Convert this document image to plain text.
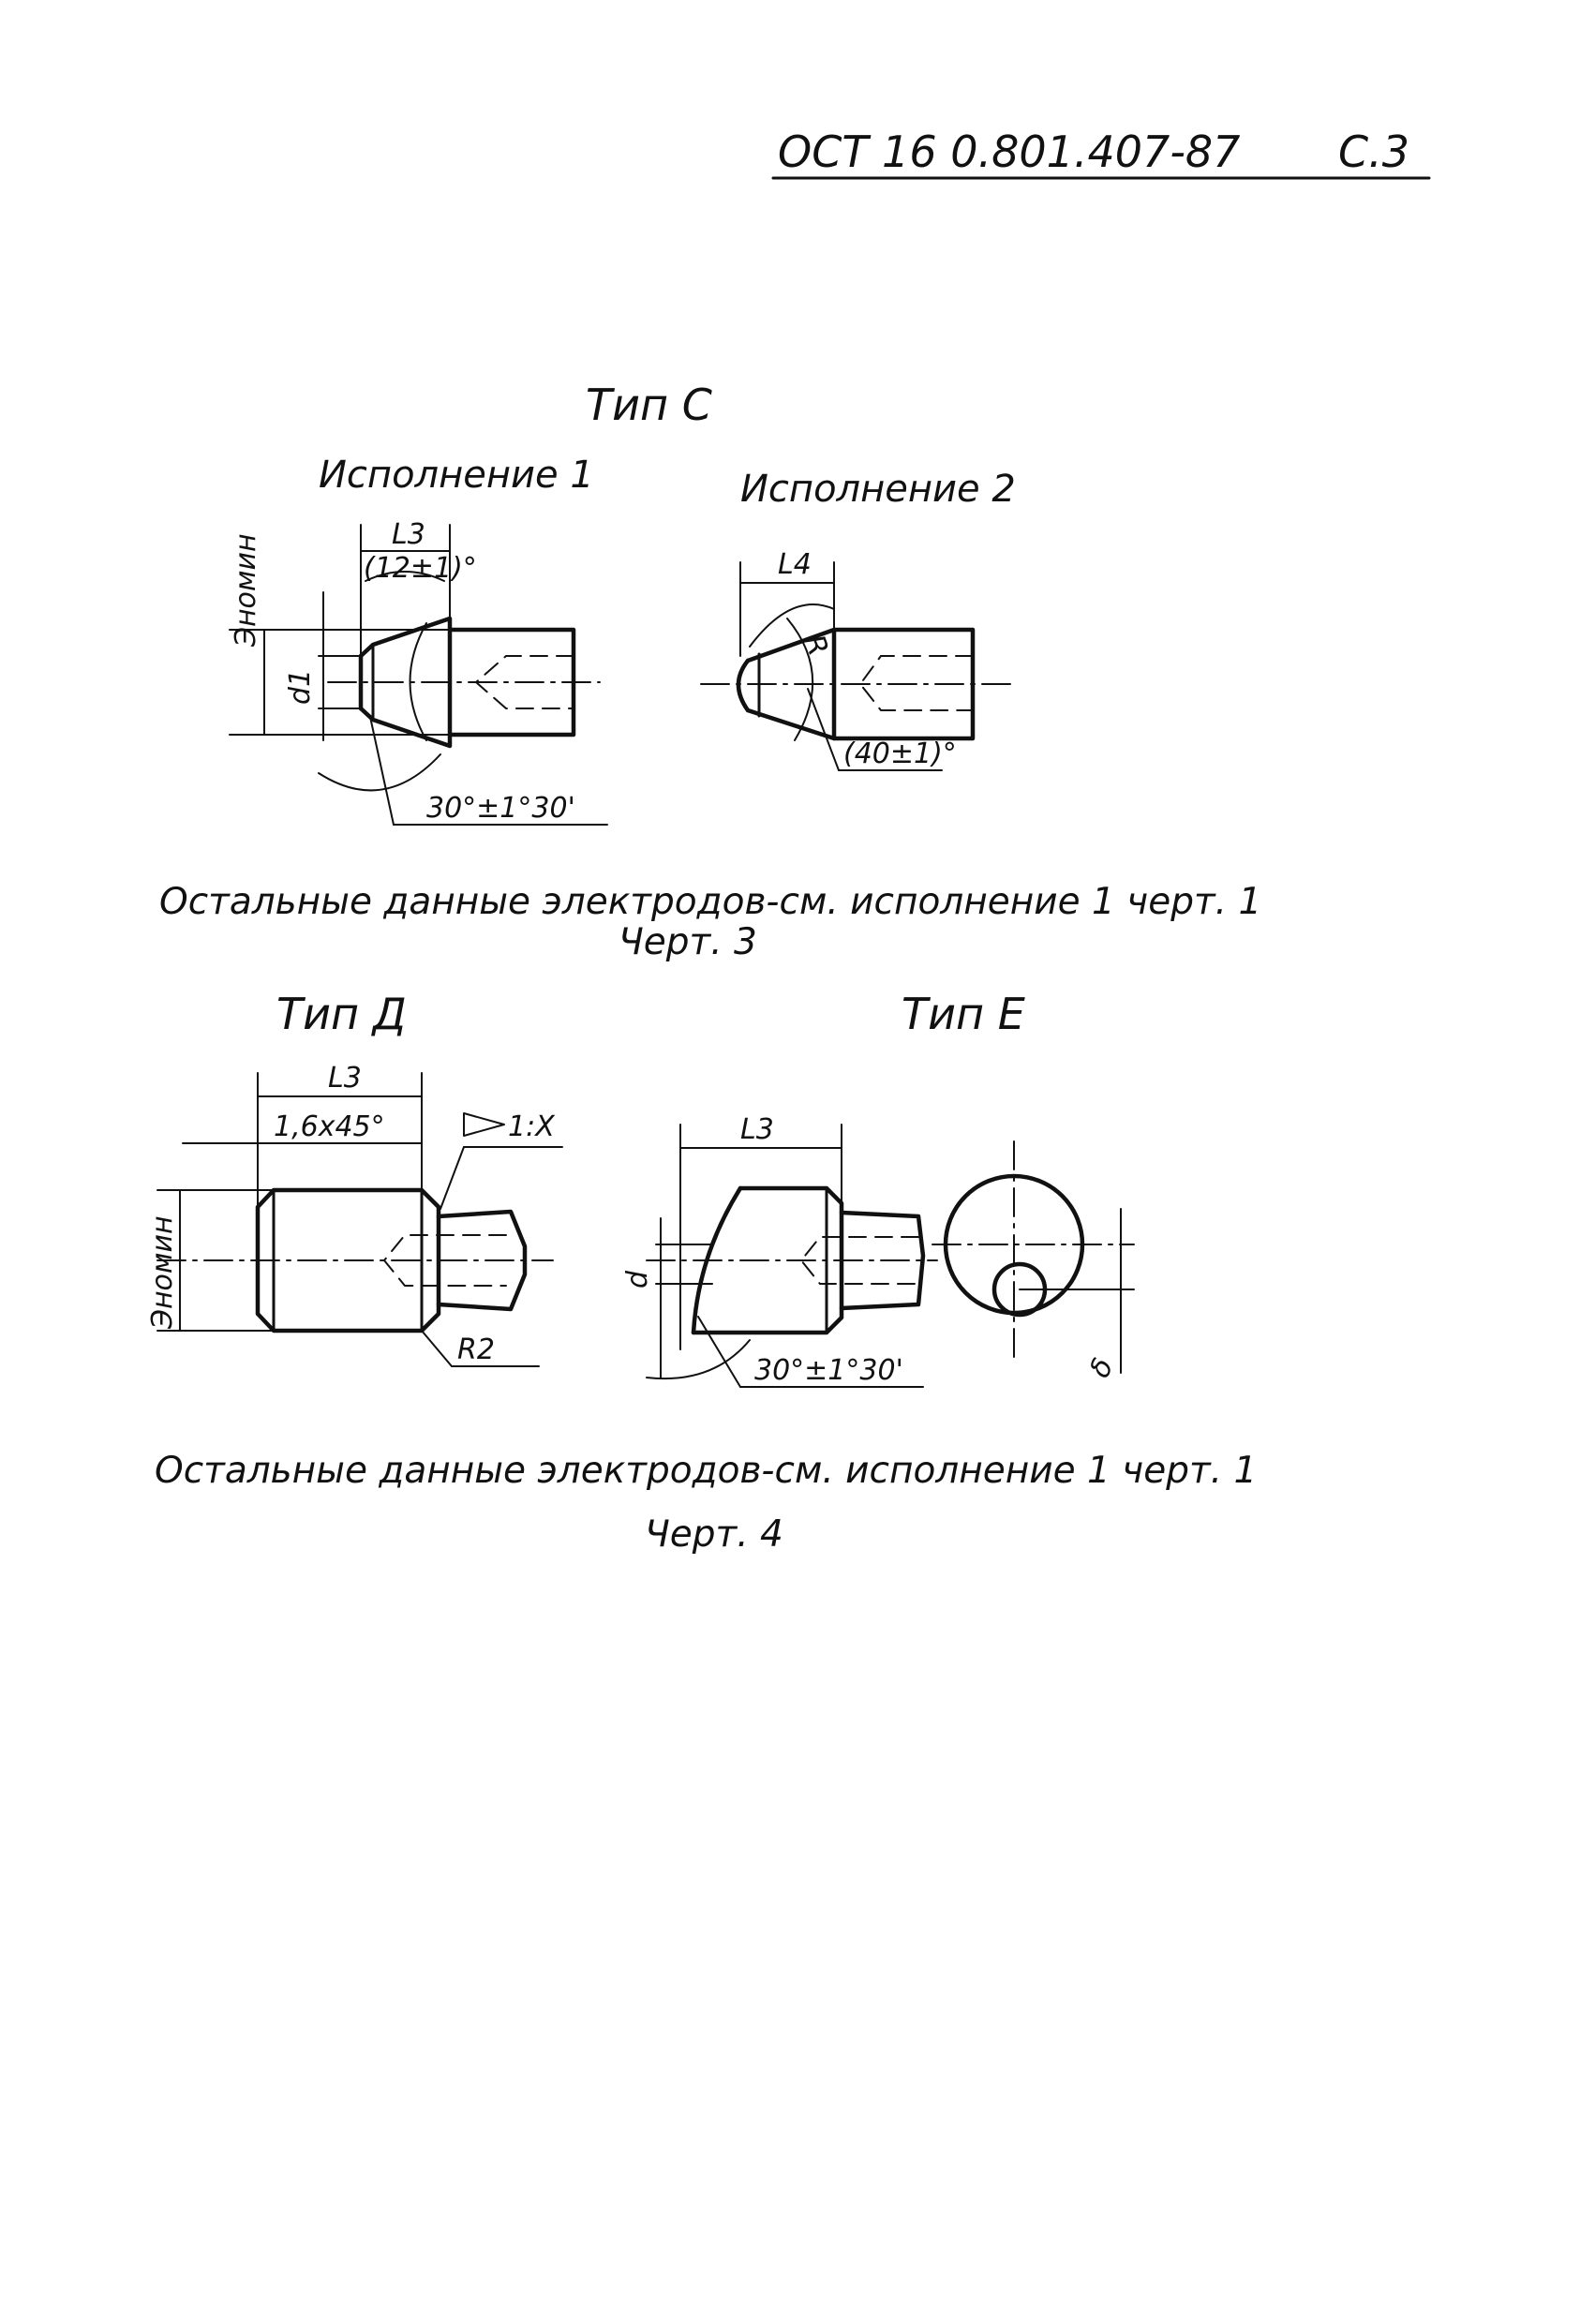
ОСТ 16 0.801.407-87 С.3
Тип С
Исполнение 1
L3
(12±1)°
Эномин
d1
30°±1°30'
Исполнение 2
L4
R
(40±1)°
Остальные данные электродов-см. исполнение 1 черт. 1
Черт. 3
Тип Д
L3
1,6x45°	1:X
Эномин
R2
Тип Е
L3
d
30°±1°30'	δ
Остальные данные электродов-см. исполнение 1 черт. 1
Черт. 4
